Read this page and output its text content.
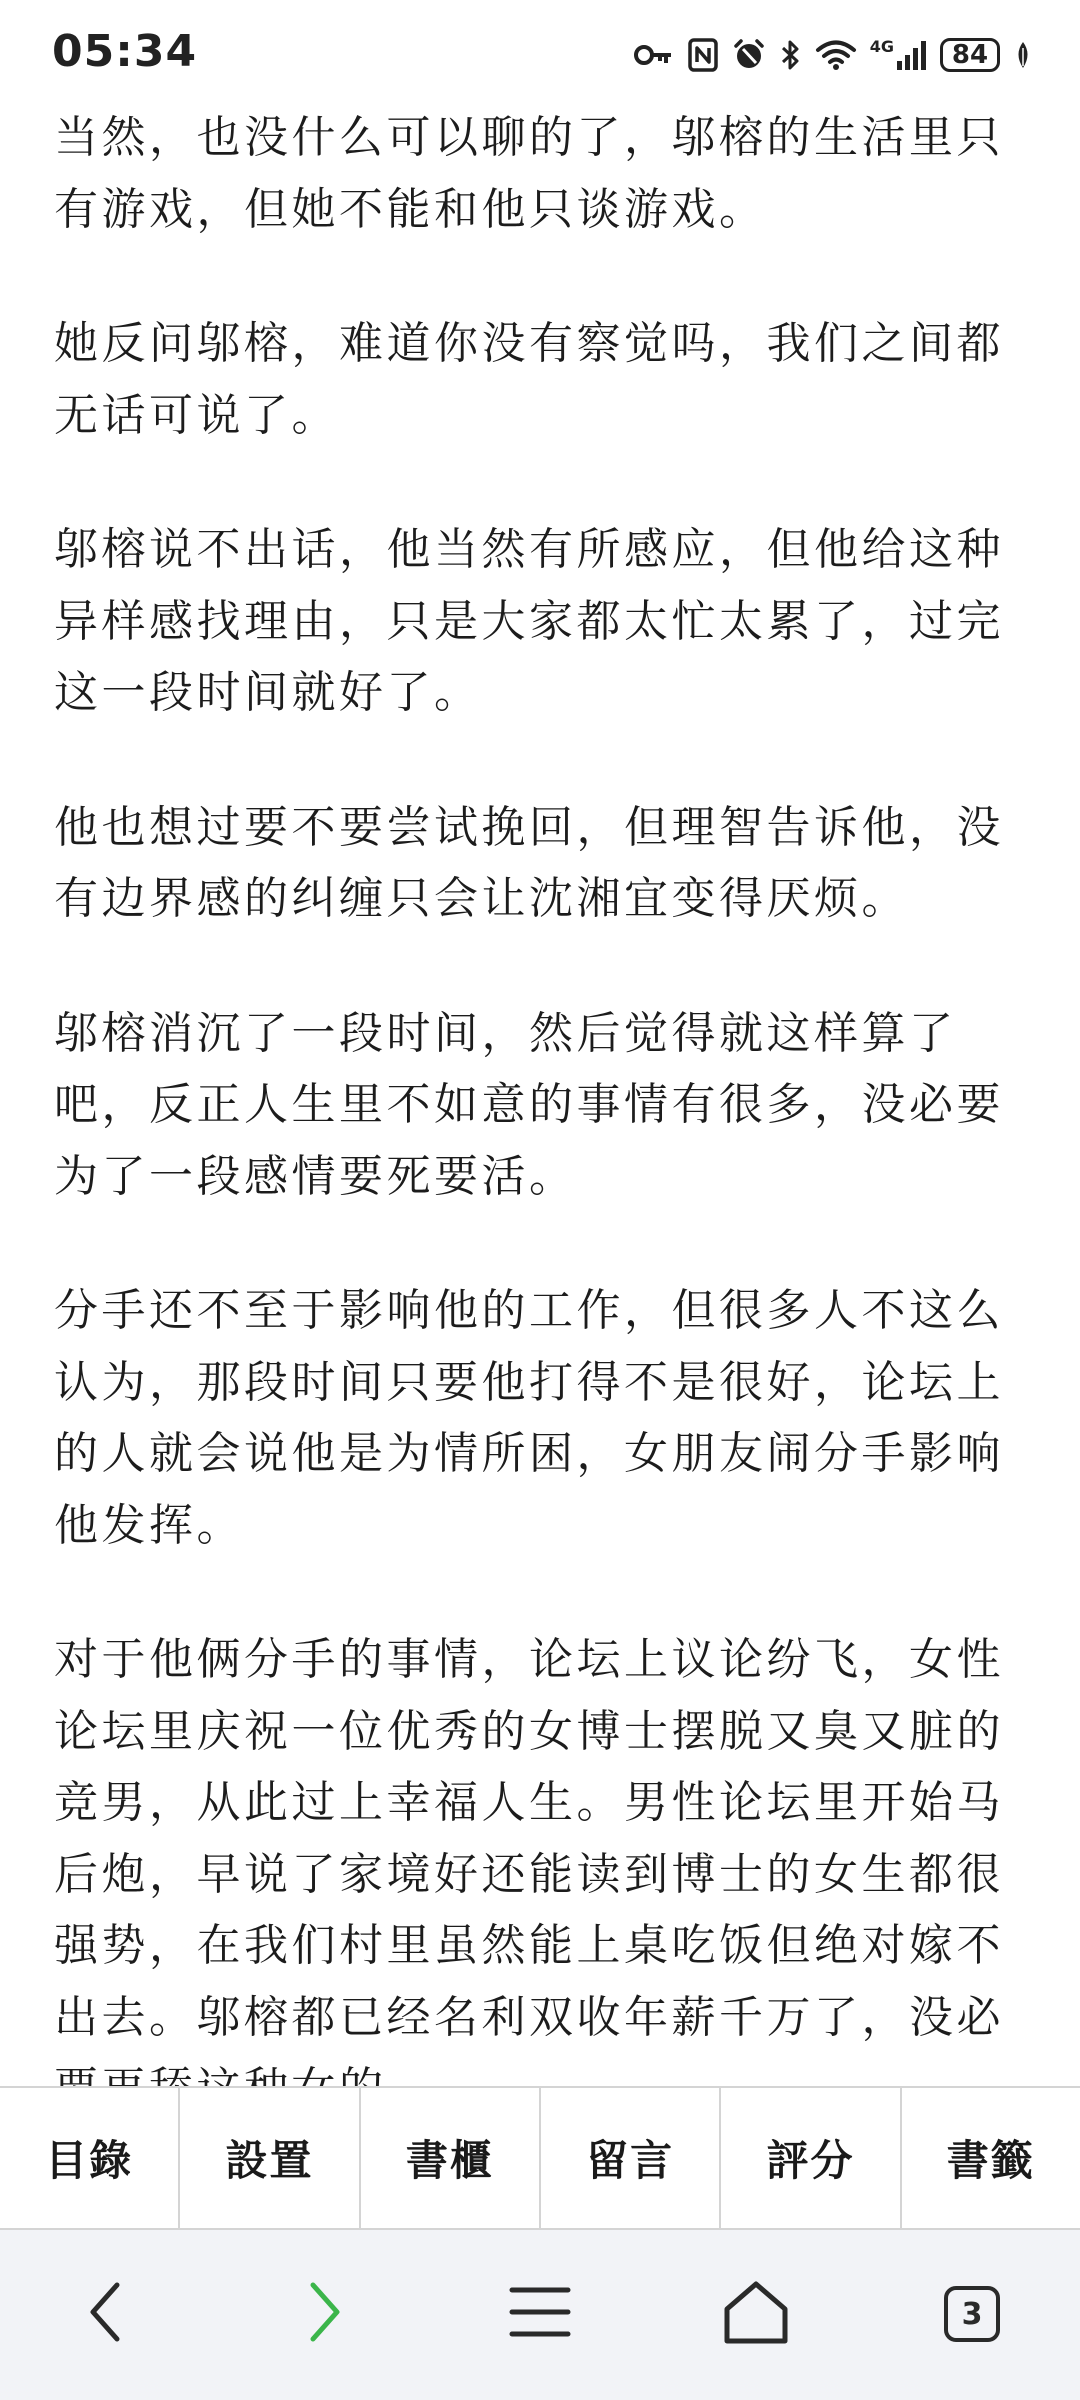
05:34	4G	84

当然，也没什么可以聊的了，邬榕的生活里只有游戏，但她不能和他只谈游戏。

她反问邬榕，难道你没有察觉吗，我们之间都无话可说了。

邬榕说不出话，他当然有所感应，但他给这种异样感找理由，只是大家都太忙太累了，过完这一段时间就好了。

他也想过要不要尝试挽回，但理智告诉他，没有边界感的纠缠只会让沈湘宜变得厌烦。

邬榕消沉了一段时间，然后觉得就这样算了吧，反正人生里不如意的事情有很多，没必要为了一段感情要死要活。

分手还不至于影响他的工作，但很多人不这么认为，那段时间只要他打得不是很好，论坛上的人就会说他是为情所困，女朋友闹分手影响他发挥。

对于他俩分手的事情，论坛上议论纷飞，女性论坛里庆祝一位优秀的女博士摆脱又臭又脏的竞男，从此过上幸福人生。男性论坛里开始马后炮，早说了家境好还能读到博士的女生都很强势，在我们村里虽然能上桌吃饭但绝对嫁不出去。邬榕都已经名利双收年薪千万了，没必

目錄	設置	書櫃	留言	評分	書籤
3
